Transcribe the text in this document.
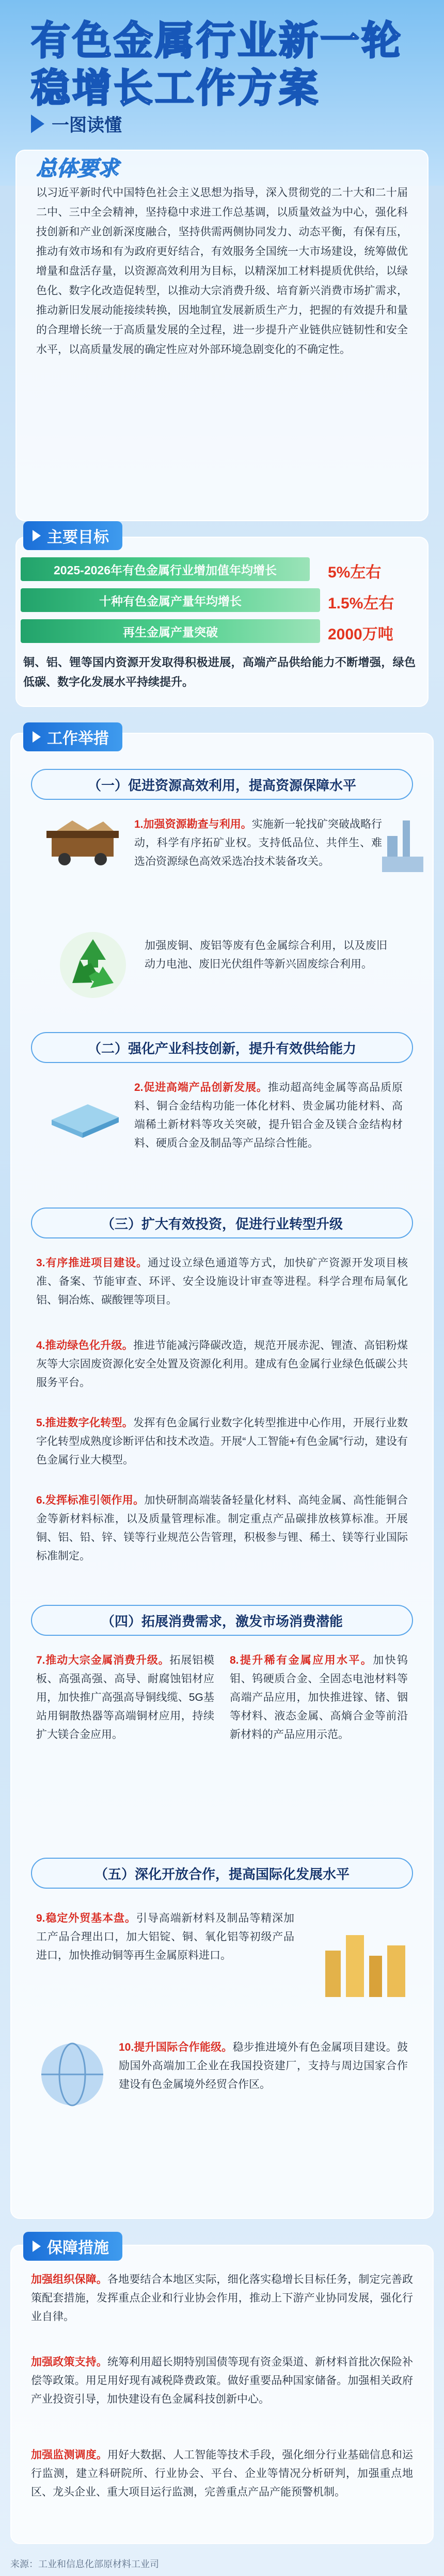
有色金属行业新一轮
稳增长工作方案
一图读懂
总体要求
以习近平新时代中国特色社会主义思想为指导，深入贯彻党的二十大和二十届二中、三中全会精神，坚持稳中求进工作总基调，以质量效益为中心，强化科技创新和产业创新深度融合，坚持供需两侧协同发力、动态平衡，有保有压，推动有效市场和有为政府更好结合，有效服务全国统一大市场建设，统筹做优增量和盘活存量，以资源高效利用为目标，以精深加工材料提质优供给，以绿色化、数字化改造促转型，以推动大宗消费升级、培育新兴消费市场扩需求，推动新旧发展动能接续转换，因地制宜发展新质生产力，把握的有效提升和量的合理增长统一于高质量发展的全过程，进一步提升产业链供应链韧性和安全水平，以高质量发展的确定性应对外部环境急剧变化的不确定性。
主要目标
2025-2026年有色金属行业增加值年均增长	5%左右
十种有色金属产量年均增长	1.5%左右
再生金属产量突破	2000万吨
铜、铝、锂等国内资源开发取得积极进展，高端产品供给能力不断增强，绿色低碳、数字化发展水平持续提升。
工作举措
（一）促进资源高效利用，提高资源保障水平
1.加强资源勘查与利用。实施新一轮找矿突破战略行动，科学有序拓矿业权。支持低品位、共伴生、难选冶资源绿色高效采选冶技术装备攻关。
加强废铜、废铝等废有色金属综合利用，以及废旧动力电池、废旧光伏组件等新兴固废综合利用。
（二）强化产业科技创新，提升有效供给能力
2.促进高端产品创新发展。推动超高纯金属等高品质原料、铜合金结构功能一体化材料、贵金属功能材料、高端稀土新材料等攻关突破，提升铝合金及镁合金结构材料、硬质合金及制品等产品综合性能。
（三）扩大有效投资，促进行业转型升级
3.有序推进项目建设。通过设立绿色通道等方式，加快矿产资源开发项目核准、备案、节能审查、环评、安全设施设计审查等进程。科学合理布局氧化铝、铜冶炼、碳酸锂等项目。
4.推动绿色化升级。推进节能减污降碳改造，规范开展赤泥、锂渣、高铝粉煤灰等大宗固废资源化安全处置及资源化利用。建成有色金属行业绿色低碳公共服务平台。
5.推进数字化转型。发挥有色金属行业数字化转型推进中心作用，开展行业数字化转型成熟度诊断评估和技术改造。开展“人工智能+有色金属”行动，建设有色金属行业大模型。
6.发挥标准引领作用。加快研制高端装备轻量化材料、高纯金属、高性能铜合金等新材料标准，以及质量管理标准。制定重点产品碳排放核算标准。开展铜、铝、铅、锌、镁等行业规范公告管理，积极参与锂、稀土、镁等行业国际标准制定。
（四）拓展消费需求，激发市场消费潜能
7.推动大宗金属消费升级。拓展铝模板、高强高强、高导、耐腐蚀铝材应用，加快推广高强高导铜线缆、5G基站用铜散热器等高端铜材应用，持续扩大镁合金应用。
8.提升稀有金属应用水平。加快钨钼、钨硬质合金、全固态电池材料等高端产品应用，加快推进镓、锗、铟等材料、液态金属、高熵合金等前沿新材料的产品应用示范。
（五）深化开放合作，提高国际化发展水平
9.稳定外贸基本盘。引导高端新材料及制品等精深加工产品合理出口，加大铝锭、铜、氧化铝等初级产品进口，加快推动铜等再生金属原料进口。
10.提升国际合作能级。稳步推进境外有色金属项目建设。鼓励国外高端加工企业在我国投资建厂，支持与周边国家合作建设有色金属境外经贸合作区。
保障措施
加强组织保障。各地要结合本地区实际，细化落实稳增长目标任务，制定完善政策配套措施，发挥重点企业和行业协会作用，推动上下游产业协同发展，强化行业自律。
加强政策支持。统筹利用超长期特别国债等现有资金渠道、新材料首批次保险补偿等政策。用足用好现有减税降费政策。做好重要品种国家储备。加强相关政府产业投资引导，加快建设有色金属科技创新中心。
加强监测调度。用好大数据、人工智能等技术手段，强化细分行业基础信息和运行监测，建立科研院所、行业协会、平台、企业等情况分析研判，加强重点地区、龙头企业、重大项目运行监测，完善重点产品产能预警机制。
来源：工业和信息化部原材料工业司
